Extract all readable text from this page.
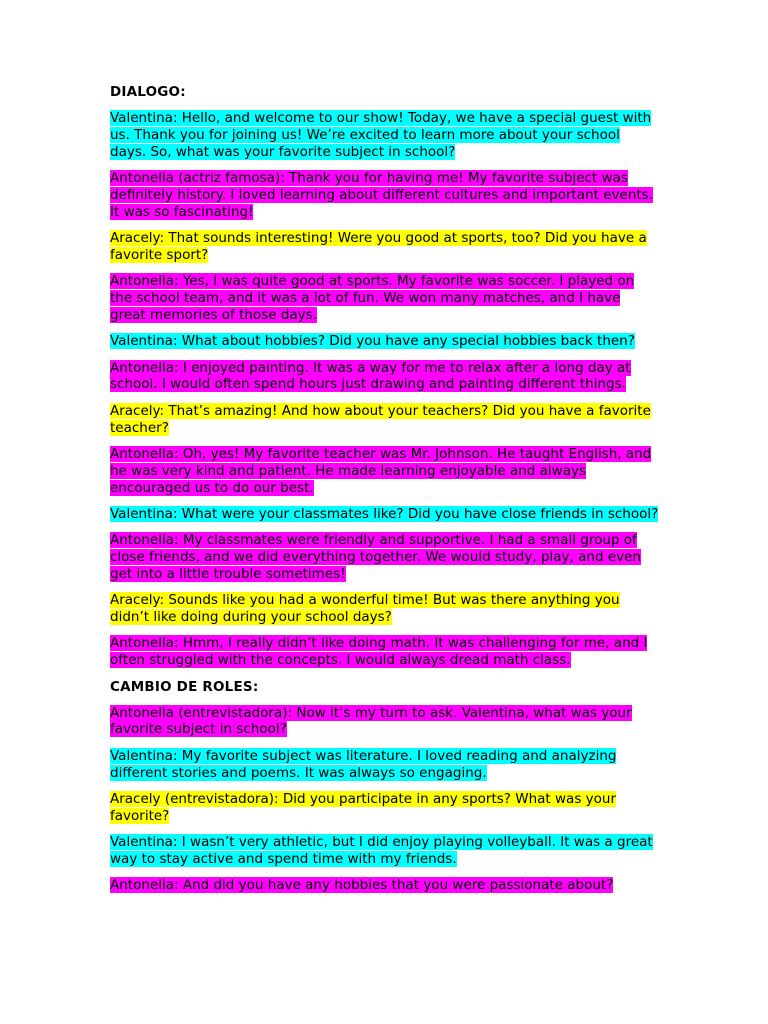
DIALOGO:
Valentina: Hello, and welcome to our show! Today, we have a special guest with us. Thank you for joining us! We’re excited to learn more about your school days. So, what was your favorite subject in school?
Antonella (actriz famosa): Thank you for having me! My favorite subject was definitely history. I loved learning about different cultures and important events. It was so fascinating!
Aracely: That sounds interesting! Were you good at sports, too? Did you have a favorite sport?
Antonella: Yes, I was quite good at sports. My favorite was soccer. I played on the school team, and it was a lot of fun. We won many matches, and I have great memories of those days.
Valentina: What about hobbies? Did you have any special hobbies back then?
Antonella: I enjoyed painting. It was a way for me to relax after a long day at school. I would often spend hours just drawing and painting different things.
Aracely: That’s amazing! And how about your teachers? Did you have a favorite teacher?
Antonella: Oh, yes! My favorite teacher was Mr. Johnson. He taught English, and he was very kind and patient. He made learning enjoyable and always encouraged us to do our best.
Valentina: What were your classmates like? Did you have close friends in school?
Antonella: My classmates were friendly and supportive. I had a small group of close friends, and we did everything together. We would study, play, and even get into a little trouble sometimes!
Aracely: Sounds like you had a wonderful time! But was there anything you didn’t like doing during your school days?
Antonella: Hmm, I really didn’t like doing math. It was challenging for me, and I often struggled with the concepts. I would always dread math class.
CAMBIO DE ROLES:
Antonella (entrevistadora): Now it’s my turn to ask. Valentina, what was your favorite subject in school?
Valentina: My favorite subject was literature. I loved reading and analyzing different stories and poems. It was always so engaging.
Aracely (entrevistadora): Did you participate in any sports? What was your favorite?
Valentina: I wasn’t very athletic, but I did enjoy playing volleyball. It was a great way to stay active and spend time with my friends.
Antonella: And did you have any hobbies that you were passionate about?
